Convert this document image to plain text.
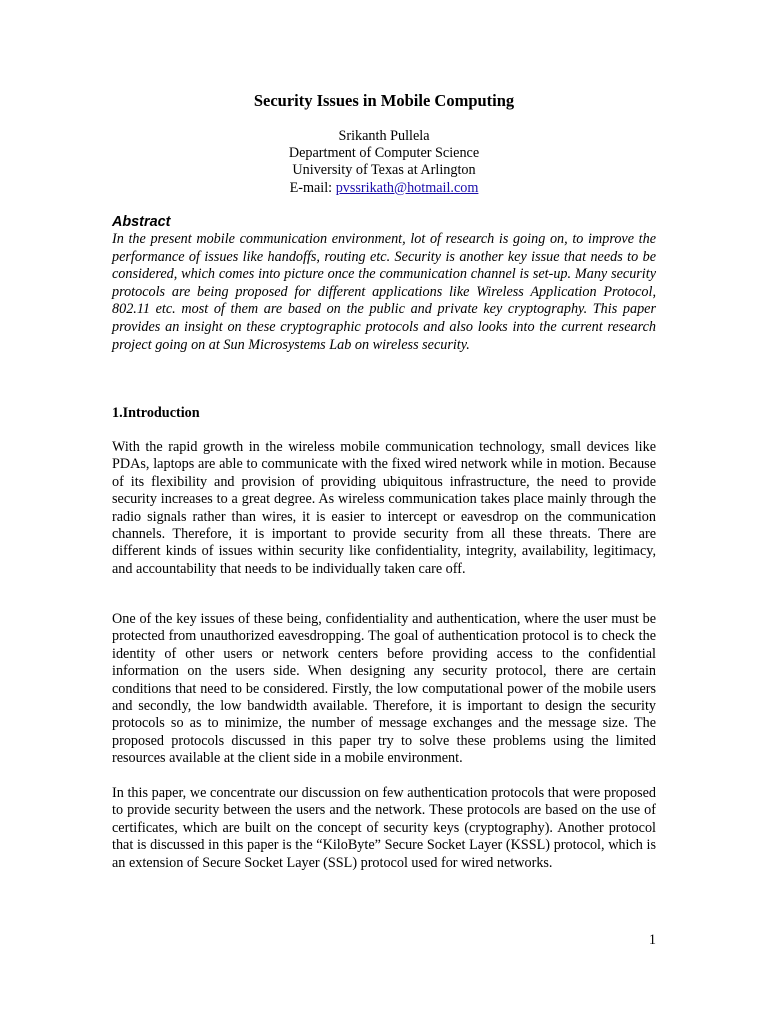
Security Issues in Mobile Computing
Srikanth Pullela
Department of Computer Science
University of Texas at Arlington
E-mail: pvssrikath@hotmail.com
Abstract

In the present mobile communication environment, lot of research is going on, to improve the performance of issues like handoffs, routing etc. Security is another key issue that needs to be considered, which comes into picture once the communication channel is set-up. Many security protocols are being proposed for different applications like Wireless Application Protocol, 802.11 etc. most of them are based on the public and private key cryptography. This paper provides an insight on these cryptographic protocols and also looks into the current research project going on at Sun Microsystems Lab on wireless security.

1.Introduction

With the rapid growth in the wireless mobile communication technology, small devices like PDAs, laptops are able to communicate with the fixed wired network while in motion. Because of its flexibility and provision of providing ubiquitous infrastructure, the need to provide security increases to a great degree. As wireless communication takes place mainly through the radio signals rather than wires, it is easier to intercept or eavesdrop on the communication channels. Therefore, it is important to provide security from all these threats. There are different kinds of issues within security like confidentiality, integrity, availability, legitimacy, and accountability that needs to be individually taken care off.

One of the key issues of these being, confidentiality and authentication, where the user must be protected from unauthorized eavesdropping. The goal of authentication protocol is to check the identity of other users or network centers before providing access to the confidential information on the users side. When designing any security protocol, there are certain conditions that need to be considered. Firstly, the low computational power of the mobile users and secondly, the low bandwidth available. Therefore, it is important to design the security protocols so as to minimize, the number of message exchanges and the message size. The proposed protocols discussed in this paper try to solve these problems using the limited resources available at the client side in a mobile environment.

In this paper, we concentrate our discussion on few authentication protocols that were proposed to provide security between the users and the network. These protocols are based on the use of certificates, which are built on the concept of security keys (cryptography). Another protocol that is discussed in this paper is the “KiloByte” Secure Socket Layer (KSSL) protocol, which is an extension of Secure Socket Layer (SSL) protocol used for wired networks.

1
